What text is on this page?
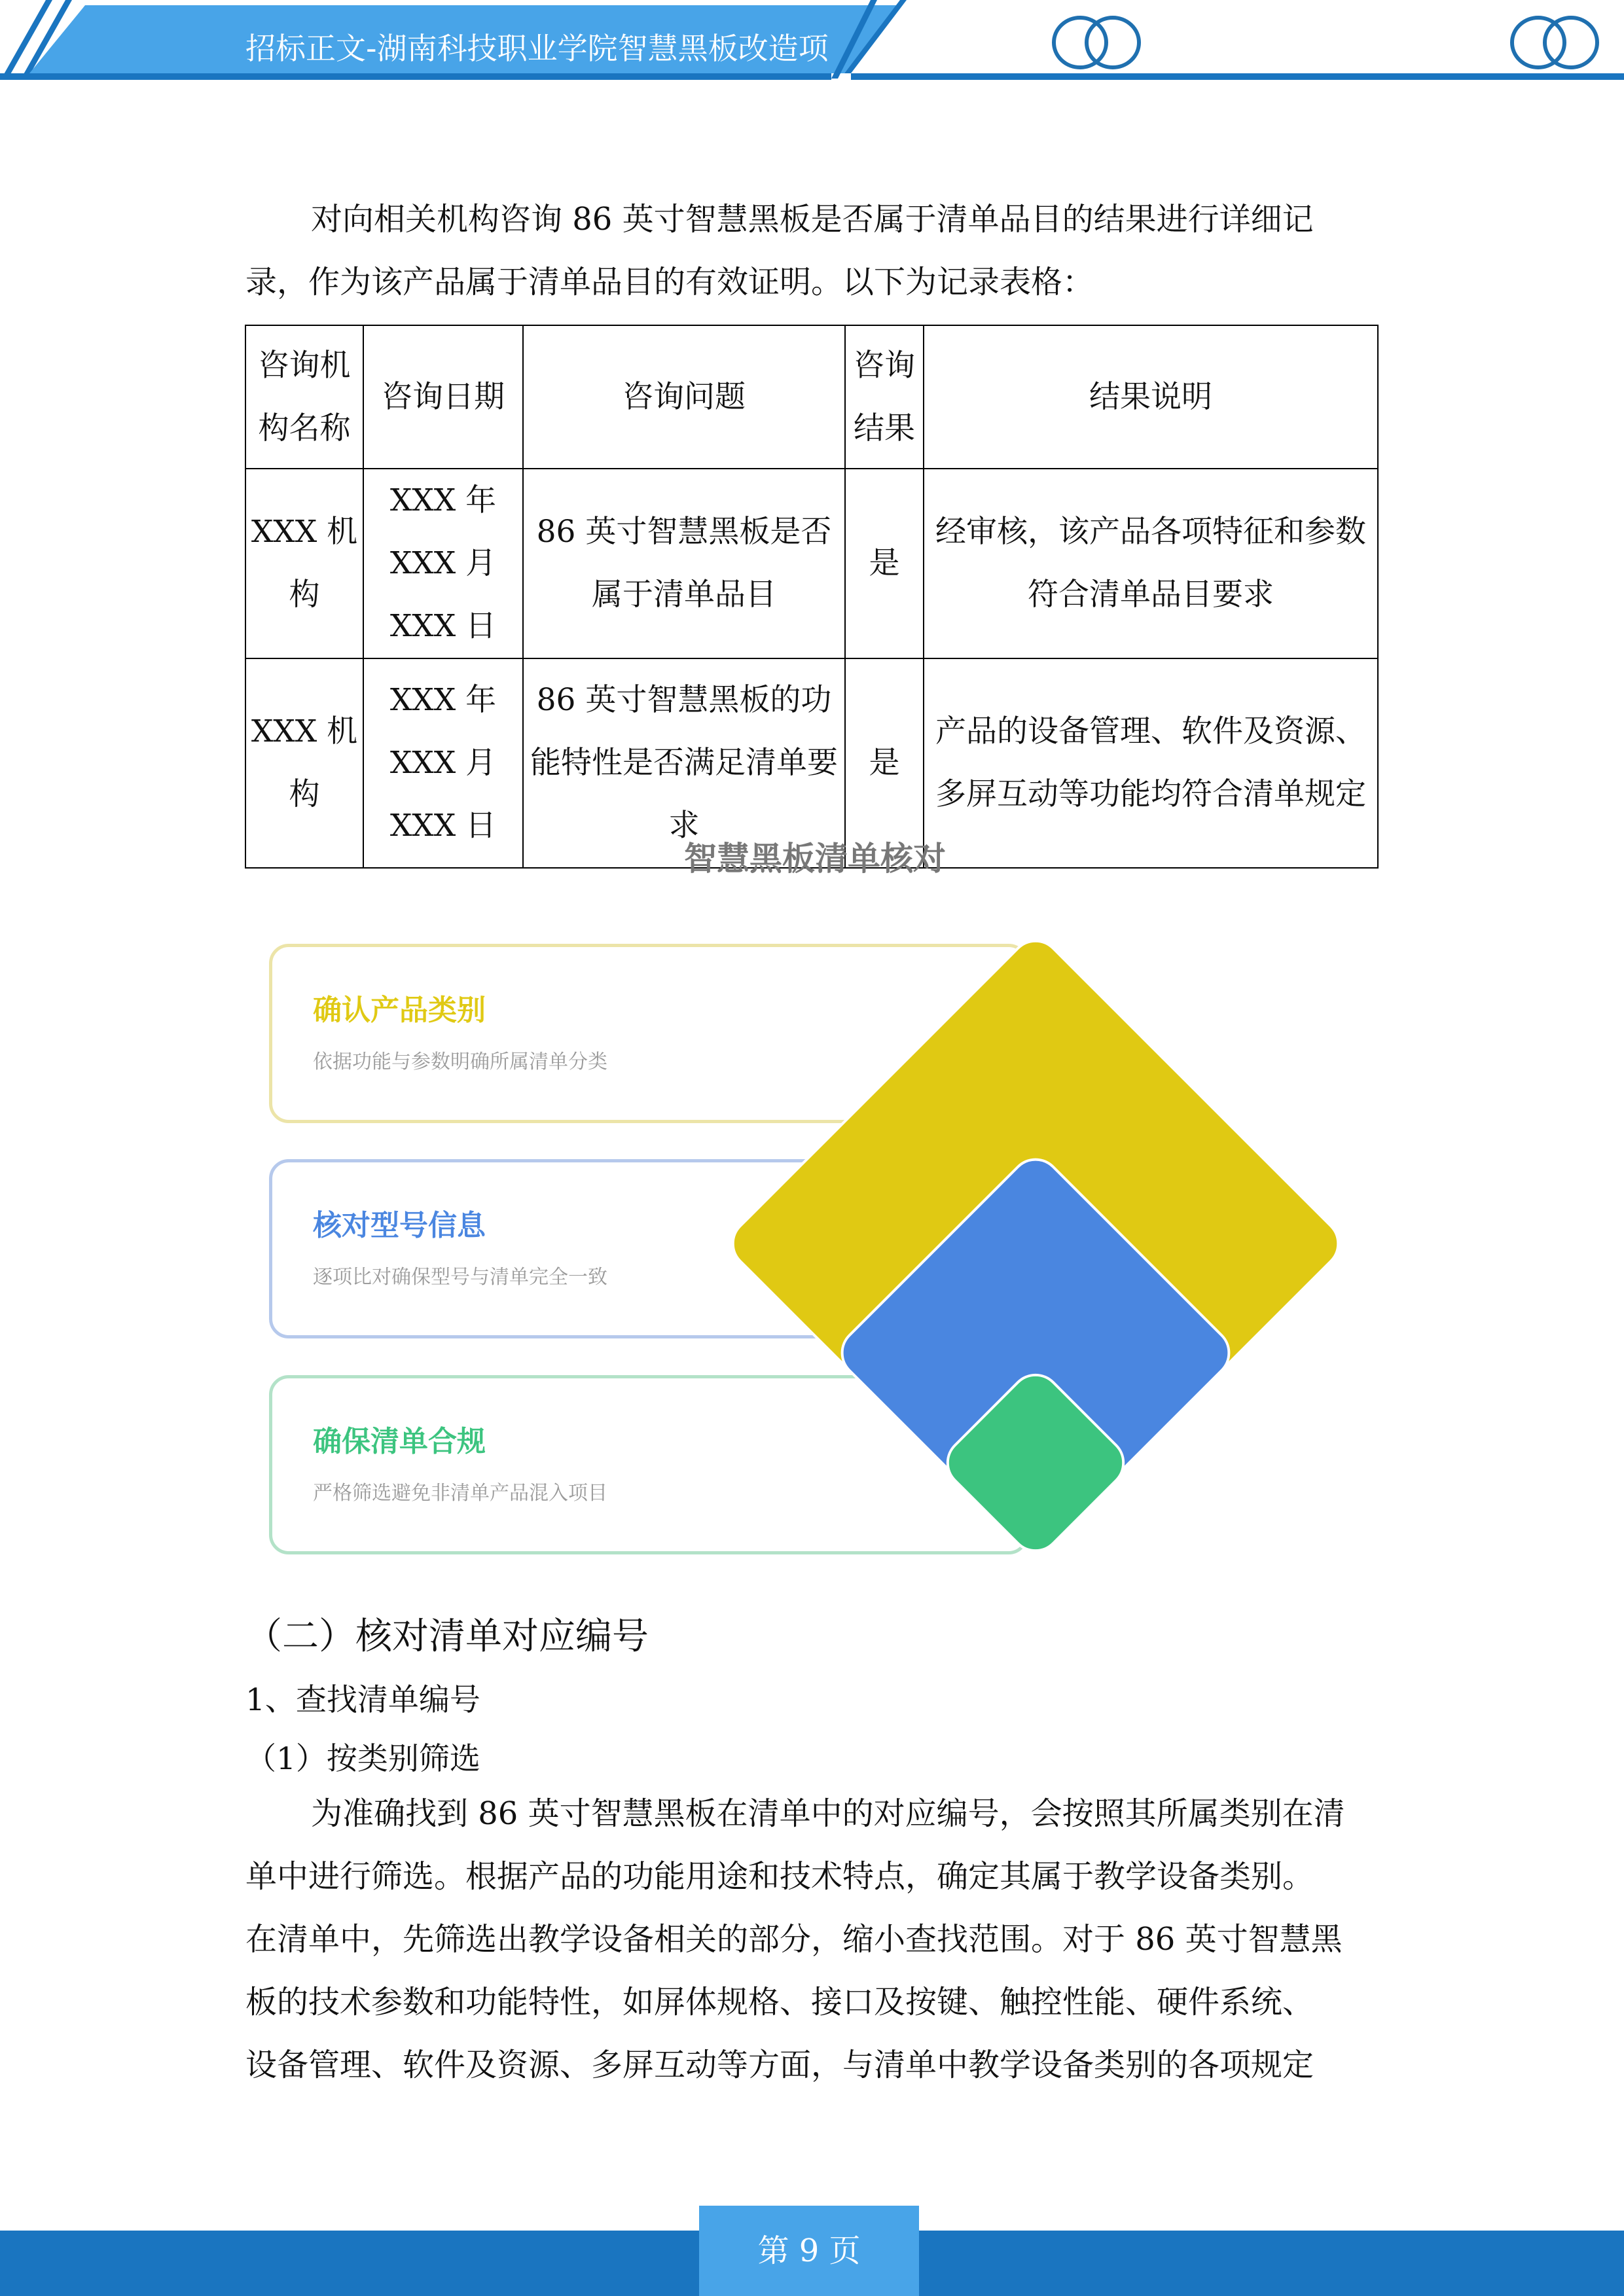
招标正文-湖南科技职业学院智慧黑板改造项
对向相关机构咨询 86 英寸智慧黑板是否属于清单品目的结果进行详细记
录，作为该产品属于清单品目的有效证明。以下为记录表格：
咨询机构名称	咨询日期	咨询问题	咨询结果	结果说明
XXX 机构	XXX 年 XXX 月 XXX 日	86 英寸智慧黑板是否属于清单品目	是	经审核，该产品各项特征和参数符合清单品目要求
XXX 机构	XXX 年 XXX 月 XXX 日	86 英寸智慧黑板的功能特性是否满足清单要求	是	产品的设备管理、软件及资源、多屏互动等功能均符合清单规定
智慧黑板清单核对
确认产品类别
依据功能与参数明确所属清单分类
核对型号信息
逐项比对确保型号与清单完全一致
确保清单合规
严格筛选避免非清单产品混入项目
（二）核对清单对应编号
1、查找清单编号
（1）按类别筛选
为准确找到 86 英寸智慧黑板在清单中的对应编号，会按照其所属类别在清
单中进行筛选。根据产品的功能用途和技术特点，确定其属于教学设备类别。
在清单中，先筛选出教学设备相关的部分，缩小查找范围。对于 86 英寸智慧黑
板的技术参数和功能特性，如屏体规格、接口及按键、触控性能、硬件系统、
设备管理、软件及资源、多屏互动等方面，与清单中教学设备类别的各项规定
第 9 页
